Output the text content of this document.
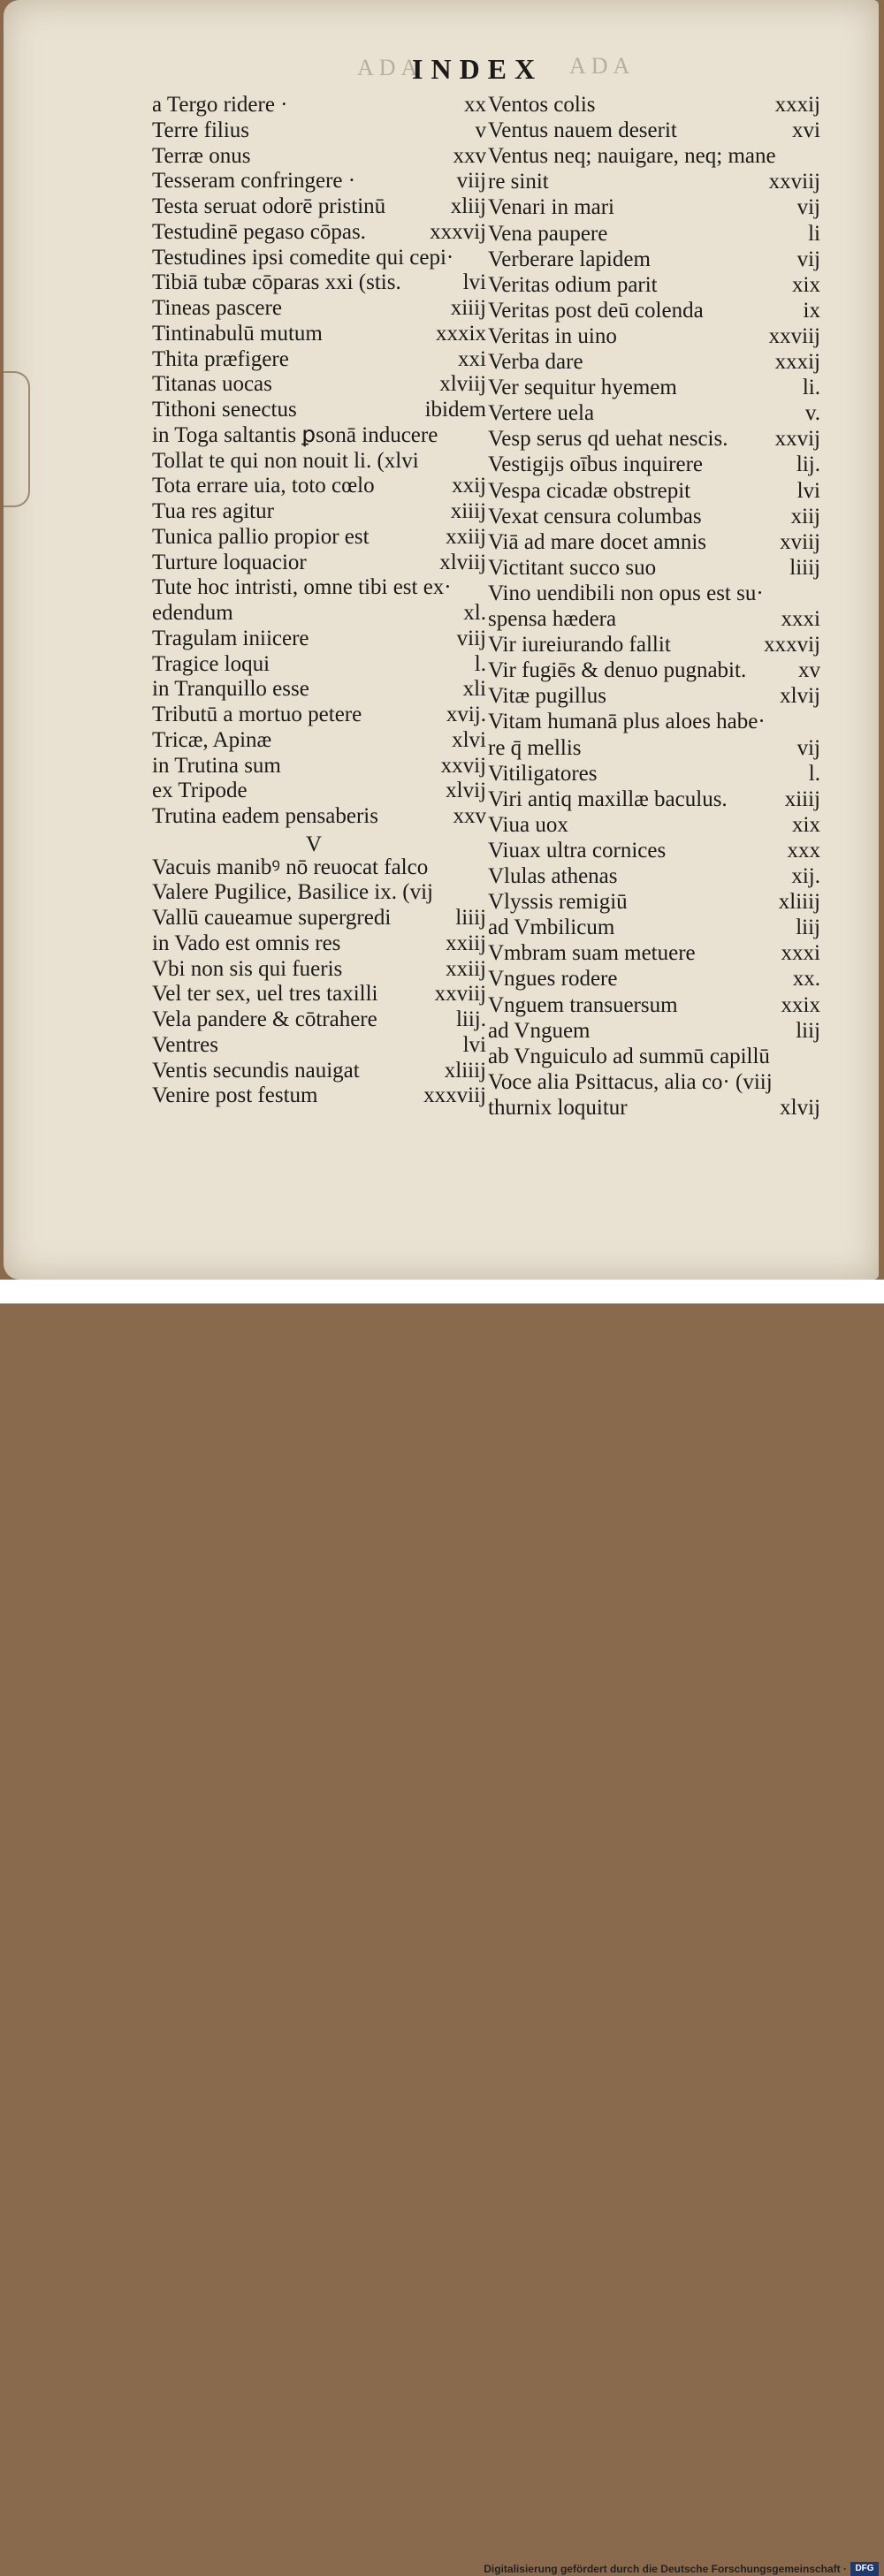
ADA	ADA
INDEX
a Tergo ridere ·	xx
Terre filius	v
Terræ onus	xxv
Tesseram confringere ·	viij
Testa seruat odorē pristinū	xliij
Testudinē pegaso cōpas.	xxxvij
Testudines ipsi comedite qui cepi·
Tibiā tubæ cōparas xxi (stis.	lvi
Tineas pascere	xiiij
Tintinabulū mutum	xxxix
Thita præfigere	xxi
Titanas uocas	xlviij
Tithoni senectus	ibidem
in Toga saltantis ꝑsonā inducere
Tollat te qui non nouit li. (xlvi
Tota errare uia, toto cœlo	xxij
Tua res agitur	xiiij
Tunica pallio propior est	xxiij
Turture loquacior	xlviij
Tute hoc intristi, omne tibi est ex·
edendum	xl.
Tragulam iniicere	viij
Tragice loqui	l.
in Tranquillo esse	xli
Tributū a mortuo petere	xvij.
Tricæ, Apinæ	xlvi
in Trutina sum	xxvij
ex Tripode	xlvij
Trutina eadem pensaberis	xxv
Vacuis manibꝰ nō reuocat falco
Valere Pugilice, Basilice ix. (vij
Vallū caueamue supergredi	liiij
in Vado est omnis res	xxiij
Vbi non sis qui fueris	xxiij
Vel ter sex, uel tres taxilli	xxviij
Vela pandere & cōtrahere	liij.
Ventres	lvi
Ventis secundis nauigat	xliiij
Venire post festum	xxxviij
V
Ventos colis	xxxij
Ventus nauem deserit	xvi
Ventus neq; nauigare, neq; mane
re sinit	xxviij
Venari in mari	vij
Vena paupere	li
Verberare lapidem	vij
Veritas odium parit	xix
Veritas post deū colenda	ix
Veritas in uino	xxviij
Verba dare	xxxij
Ver sequitur hyemem	li.
Vertere uela	v.
Vesp serus qd uehat nescis. xxvij
Vestigijs oībus inquirere	lij.
Vespa cicadæ obstrepit	lvi
Vexat censura columbas	xiij
Viā ad mare docet amnis	xviij
Victitant succo suo	liiij
Vino uendibili non opus est su·
spensa hædera	xxxi
Vir iureiurando fallit	xxxvij
Vir fugiēs & denuo pugnabit. xv
Vitæ pugillus	xlvij
Vitam humanā plus aloes habe·
re q̄ mellis	vij
Vitiligatores	l.
Viri antiq maxillæ baculus.	xiiij
Viua uox	xix
Viuax ultra cornices	xxx
Vlulas athenas	xij.
Vlyssis remigiū	xliiij
ad Vmbilicum	liij
Vmbram suam metuere	xxxi
Vngues rodere	xx.
Vnguem transuersum	xxix
ad Vnguem	liij
ab Vnguiculo ad summū capillū
Voce alia Psittacus, alia co· (viij
thurnix loquitur	xlvij
Digitalisierung gefördert durch die Deutsche Forschungsgemeinschaft · DFG
